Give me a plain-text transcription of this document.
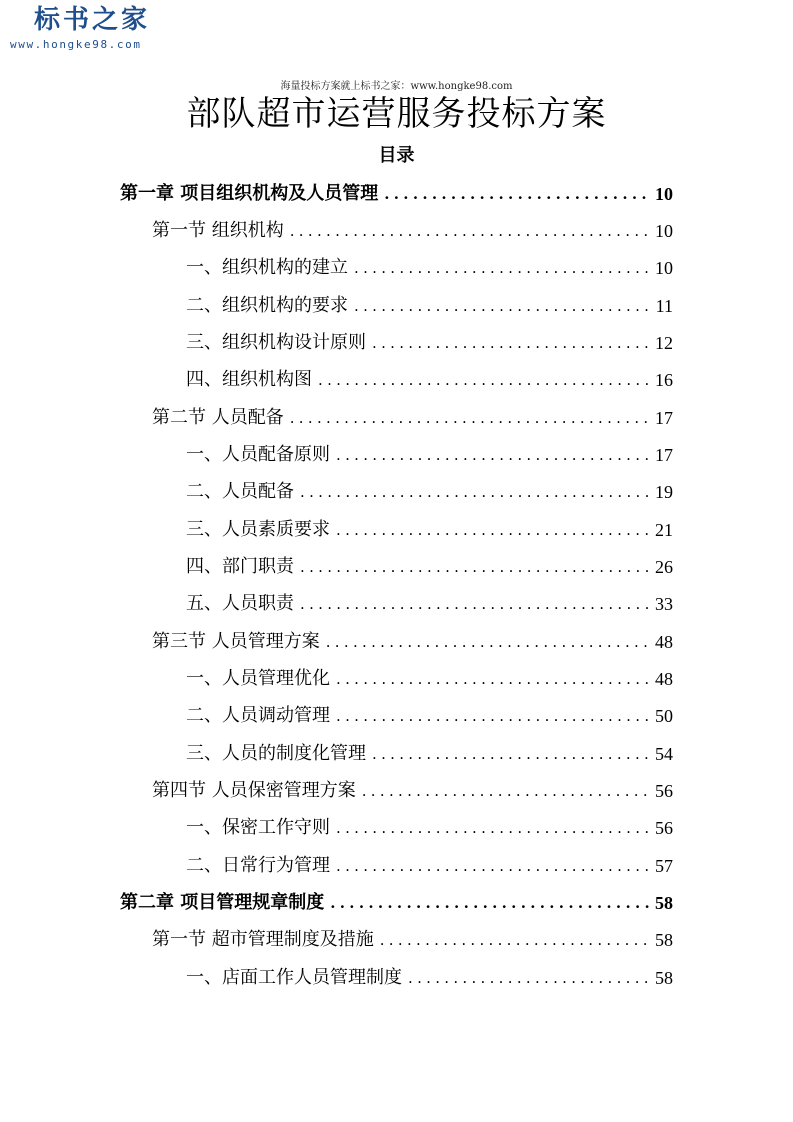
标书之家
www.hongke98.com
海量投标方案就上标书之家：www.hongke98.com
部队超市运营服务投标方案
目录
第一章 项目组织机构及人员管理 .....	10
第一节 组织机构 .....	10
一、组织机构的建立 .....	10
二、组织机构的要求 .....	11
三、组织机构设计原则 .....	12
四、组织机构图 .....	16
第二节 人员配备 .....	17
一、人员配备原则 .....	17
二、人员配备 .....	19
三、人员素质要求 .....	21
四、部门职责 .....	26
五、人员职责 .....	33
第三节 人员管理方案 .....	48
一、人员管理优化 .....	48
二、人员调动管理 .....	50
三、人员的制度化管理 .....	54
第四节 人员保密管理方案 .....	56
一、保密工作守则 .....	56
二、日常行为管理 .....	57
第二章 项目管理规章制度 .....	58
第一节 超市管理制度及措施 .....	58
一、店面工作人员管理制度 .....	58
